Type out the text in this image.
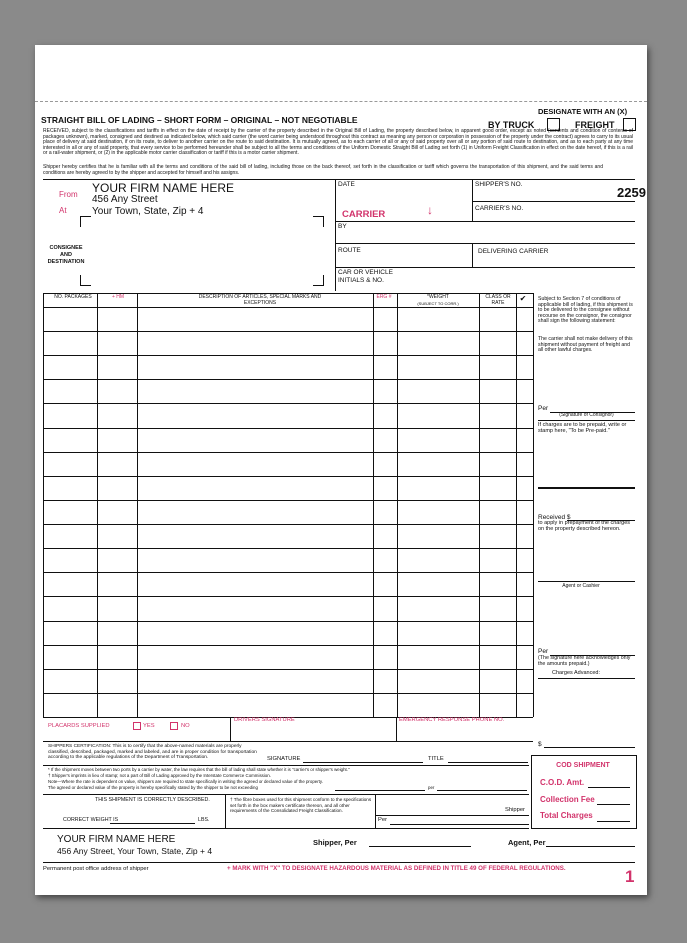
STRAIGHT BILL OF LADING – SHORT FORM – ORIGINAL – NOT NEGOTIABLE
DESIGNATE WITH AN (X)
BY TRUCK	FREIGHT
RECEIVED, subject to the classifications and tariffs in effect on the date of receipt by the carrier of the property described in the Original Bill of Lading, the property described below, in apparent good order, except as noted (contents and condition of contents of packages unknown), marked, consigned and destined as indicated below, which said carrier (the word carrier being understood throughout this contract as meaning any person or corporation in possession of the property under the contract) agrees to carry to its usual place of delivery at said destination, if on its route, to deliver to another carrier on the route to said destination. It is mutually agreed, as to each carrier of all or any of said property over all or any portion of said route to destination, and as to each party at any time interested in all or any of said property, that every service to be performed hereunder shall be subject to all the terms and conditions of the Uniform Domestic Straight Bill of Lading set forth (1) in Uniform Freight Classification in effect on the date hereof, if this is a rail or a rail-water shipment, or (2) in the applicable motor carrier classification or tariff if this is a motor carrier shipment.
Shipper hereby certifies that he is familiar with all the terms and conditions of the said bill of lading, including those on the back thereof, set forth in the classification or tariff which governs the transportation of this shipment, and the said terms and conditions are hereby agreed to by the shipper and accepted for himself and his assigns.
From
At
YOUR FIRM NAME HERE
456 Any Street
Your Town, State, Zip + 4
CONSIGNEE AND DESTINATION
DATE	SHIPPER'S NO.
2259
CARRIER	↓	CARRIER'S NO.
BY
ROUTE	DELIVERING CARRIER
CAR OR VEHICLE
INITIALS & NO.
NO. PACKAGES	+ HM	DESCRIPTION OF ARTICLES, SPECIAL MARKS AND EXCEPTIONS
ERG #	*WEIGHT
(SUBJECT TO CORR.)
CLASS OR RATE	✔	Subject to Section 7 of conditions of applicable bill of lading, if this shipment is to be delivered to the consignee without recourse on the consignor, the consignor shall sign the following statement:
The carrier shall not make delivery of this shipment without payment of freight and all other lawful charges.
Per
(Signature of Consignor)
If charges are to be prepaid, write or stamp here, "To be Pre-paid."
Received $
to apply in prepayment of the charges on the property described hereon.
Agent or Cashier
Per
(The signature here acknowledges only the amounts prepaid.)
Charges Advanced:
$
COD SHIPMENT
C.O.D. Amt.
Collection Fee
Total Charges
PLACARDS SUPPLIED	YES	NO
DRIVERS SIGNATURE	EMERGENCY RESPONSE PHONE NO.
SHIPPERS CERTIFICATION: This is to certify that the above-named materials are properly classified, described, packaged, marked and labeled, and are in proper condition for transportation according to the applicable regulations of the Department of Transportation.	SIGNATURE	TITLE
* If the shipment moves between two ports by a carrier by water, the law requires that the bill of lading shall state whether it is "carrier's or shipper's weight."
† Shipper's imprints in lieu of stamp; not a part of Bill of Lading approved by the Interstate Commerce Commission.
Note—Where the rate is dependent on value, shippers are required to state specifically in writing the agreed or declared value of the property.
The agreed or declared value of the property is hereby specifically stated by the shipper to be not exceeding	per
THIS SHIPMENT IS CORRECTLY DESCRIBED.
CORRECT WEIGHT IS	LBS.
† The fibre boxes used for this shipment conform to the specifications set forth in the box makers certificate thereon, and all other requirements of the Consolidated Freight Classification.	Shipper
Per
YOUR FIRM NAME HERE
456 Any Street, Your Town, State, Zip + 4
Shipper, Per	Agent, Per
Permanent post office address of shipper	+ MARK WITH "X" TO DESIGNATE HAZARDOUS MATERIAL AS DEFINED IN TITLE 49 OF FEDERAL REGULATIONS.	1
